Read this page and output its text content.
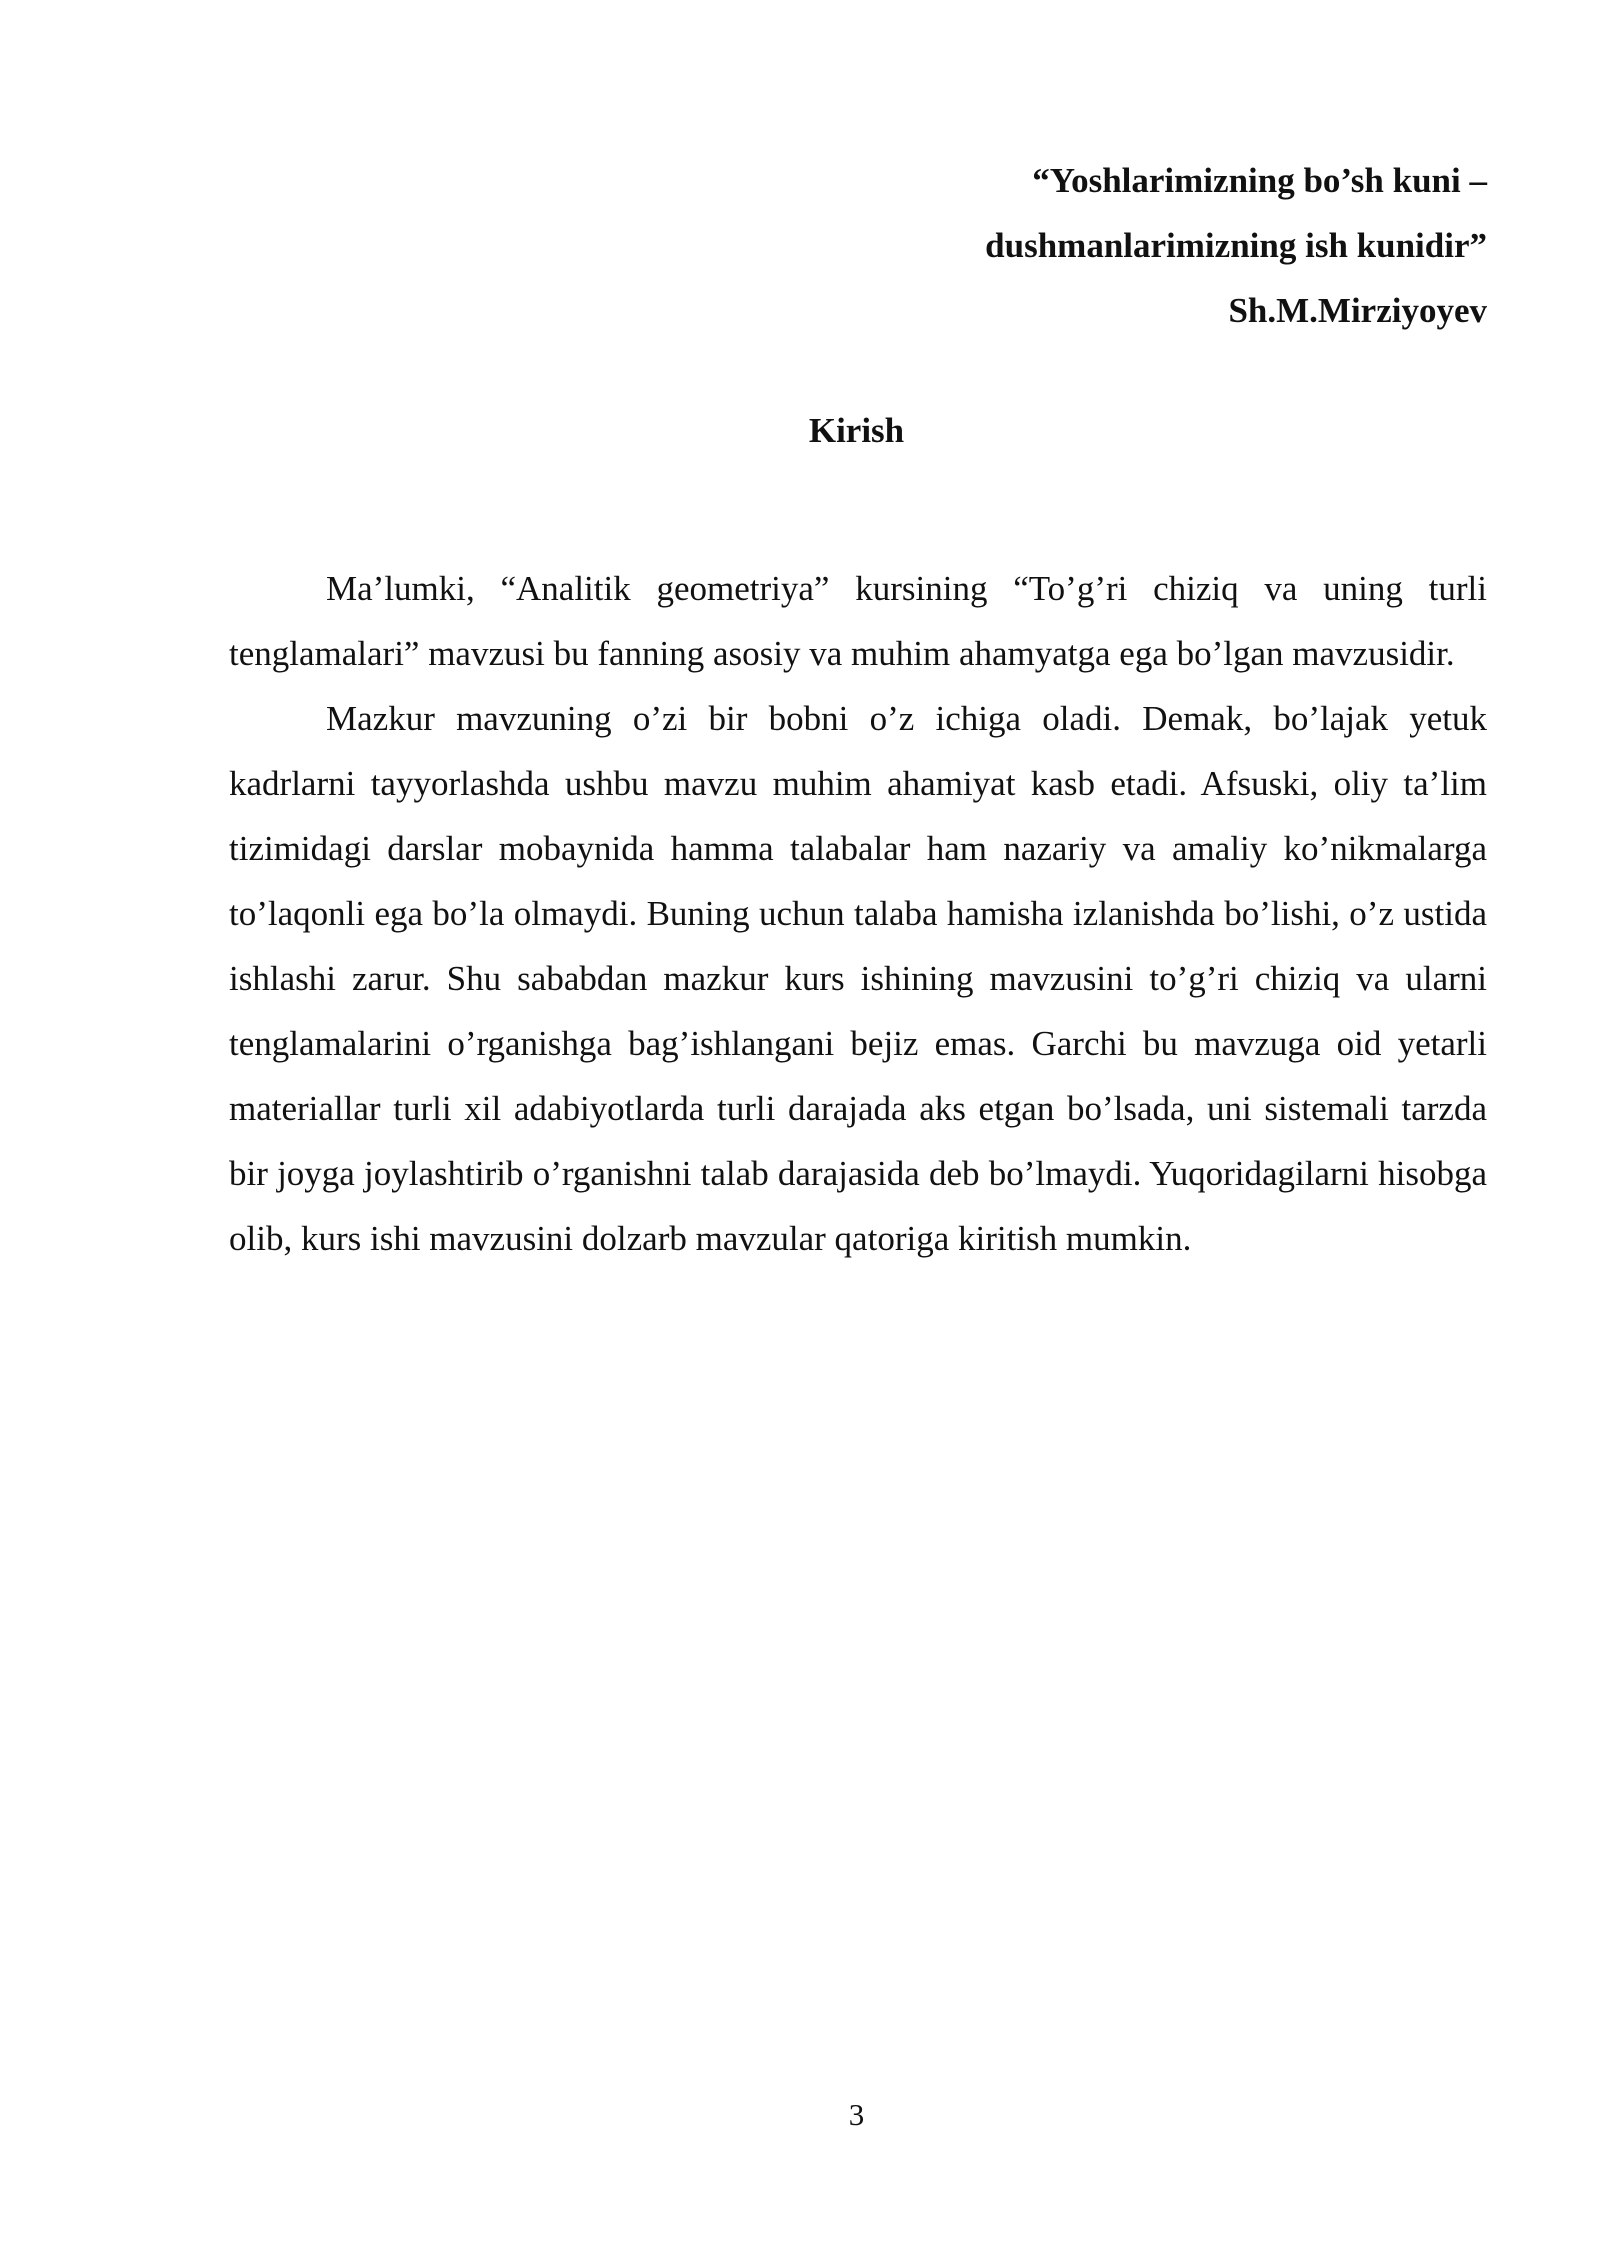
“Yoshlarimizning bo’sh kuni –
dushmanlarimizning ish kunidir”
Sh.M.Mirziyoyev
Kirish

Ma’lumki, “Analitik geometriya” kursining “To’g’ri chiziq va uning turli tenglamalari” mavzusi bu fanning asosiy va muhim ahamyatga ega bo’lgan mavzusidir.

Mazkur mavzuning o’zi bir bobni o’z ichiga oladi. Demak, bo’lajak yetuk kadrlarni tayyorlashda ushbu mavzu muhim ahamiyat kasb etadi. Afsuski, oliy ta’lim tizimidagi darslar mobaynida hamma talabalar ham nazariy va amaliy ko’nikmalarga to’laqonli ega bo’la olmaydi. Buning uchun talaba hamisha izlanishda bo’lishi, o’z ustida ishlashi zarur. Shu sababdan mazkur kurs ishining mavzusini to’g’ri chiziq va ularni tenglamalarini o’rganishga bag’ishlangani bejiz emas. Garchi bu mavzuga oid yetarli materiallar turli xil adabiyotlarda turli darajada aks etgan bo’lsada, uni sistemali tarzda bir joyga joylashtirib o’rganishni talab darajasida deb bo’lmaydi. Yuqoridagilarni hisobga olib, kurs ishi mavzusini dolzarb mavzular qatoriga kiritish mumkin.

3
